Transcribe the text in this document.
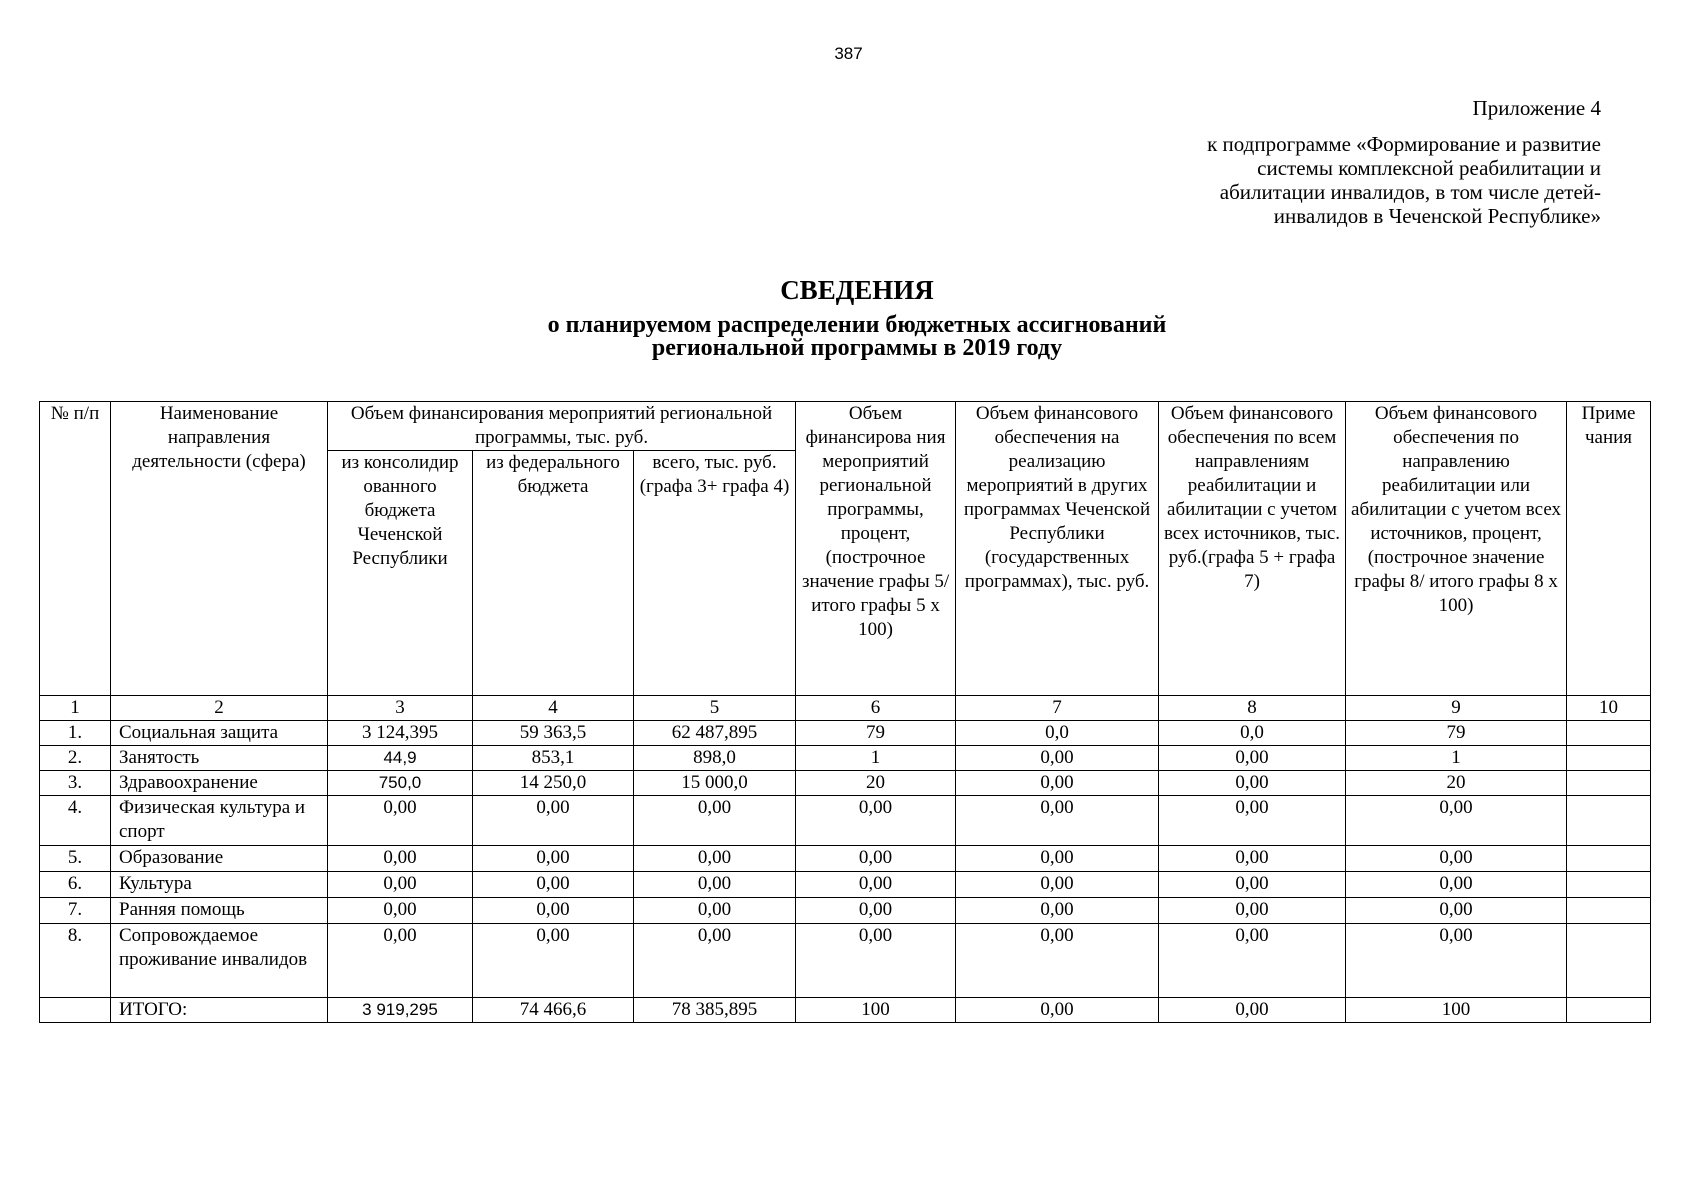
387
Приложение 4
к подпрограмме «Формирование и развитие системы комплексной реабилитации и абилитации инвалидов, в том числе детей-инвалидов в Чеченской Республике»
СВЕДЕНИЯ
о планируемом распределении бюджетных ассигнований
региональной программы в 2019 году
№ п/п	Наименование направления деятельности (сфера)	Объем финансирования мероприятий региональной программы, тыс. руб.			Объем финансирова ния мероприятий региональной программы, процент, (построчное значение графы 5/ итого графы 5 х 100)	Объем финансового обеспечения на реализацию мероприятий в других программах Чеченской Республики (государственных программах), тыс. руб.	Объем финансового обеспечения по всем направлениям реабилитации и абилитации с учетом всех источников, тыс. руб.(графа 5 + графа 7)	Объем финансового обеспечения по направлению реабилитации или абилитации с учетом всех источников, процент, (построчное значение графы 8/ итого графы 8 х 100)	Приме чания
		из консолидир ованного бюджета Чеченской Республики	из федерального бюджета	всего, тыс. руб. (графа 3+ графа 4)					
1	2	3	4	5	6	7	8	9	10
1.	Социальная защита	3 124,395	59 363,5	62 487,895	79	0,0	0,0	79	
2.	Занятость	44,9	853,1	898,0	1	0,00	0,00	1	
3.	Здравоохранение	750,0	14 250,0	15 000,0	20	0,00	0,00	20	
4.	Физическая культура и спорт	0,00	0,00	0,00	0,00	0,00	0,00	0,00	
5.	Образование	0,00	0,00	0,00	0,00	0,00	0,00	0,00	
6.	Культура	0,00	0,00	0,00	0,00	0,00	0,00	0,00	
7.	Ранняя помощь	0,00	0,00	0,00	0,00	0,00	0,00	0,00	
8.	Сопровождаемое проживание инвалидов	0,00	0,00	0,00	0,00	0,00	0,00	0,00	
	ИТОГО:	3 919,295	74 466,6	78 385,895	100	0,00	0,00	100	
